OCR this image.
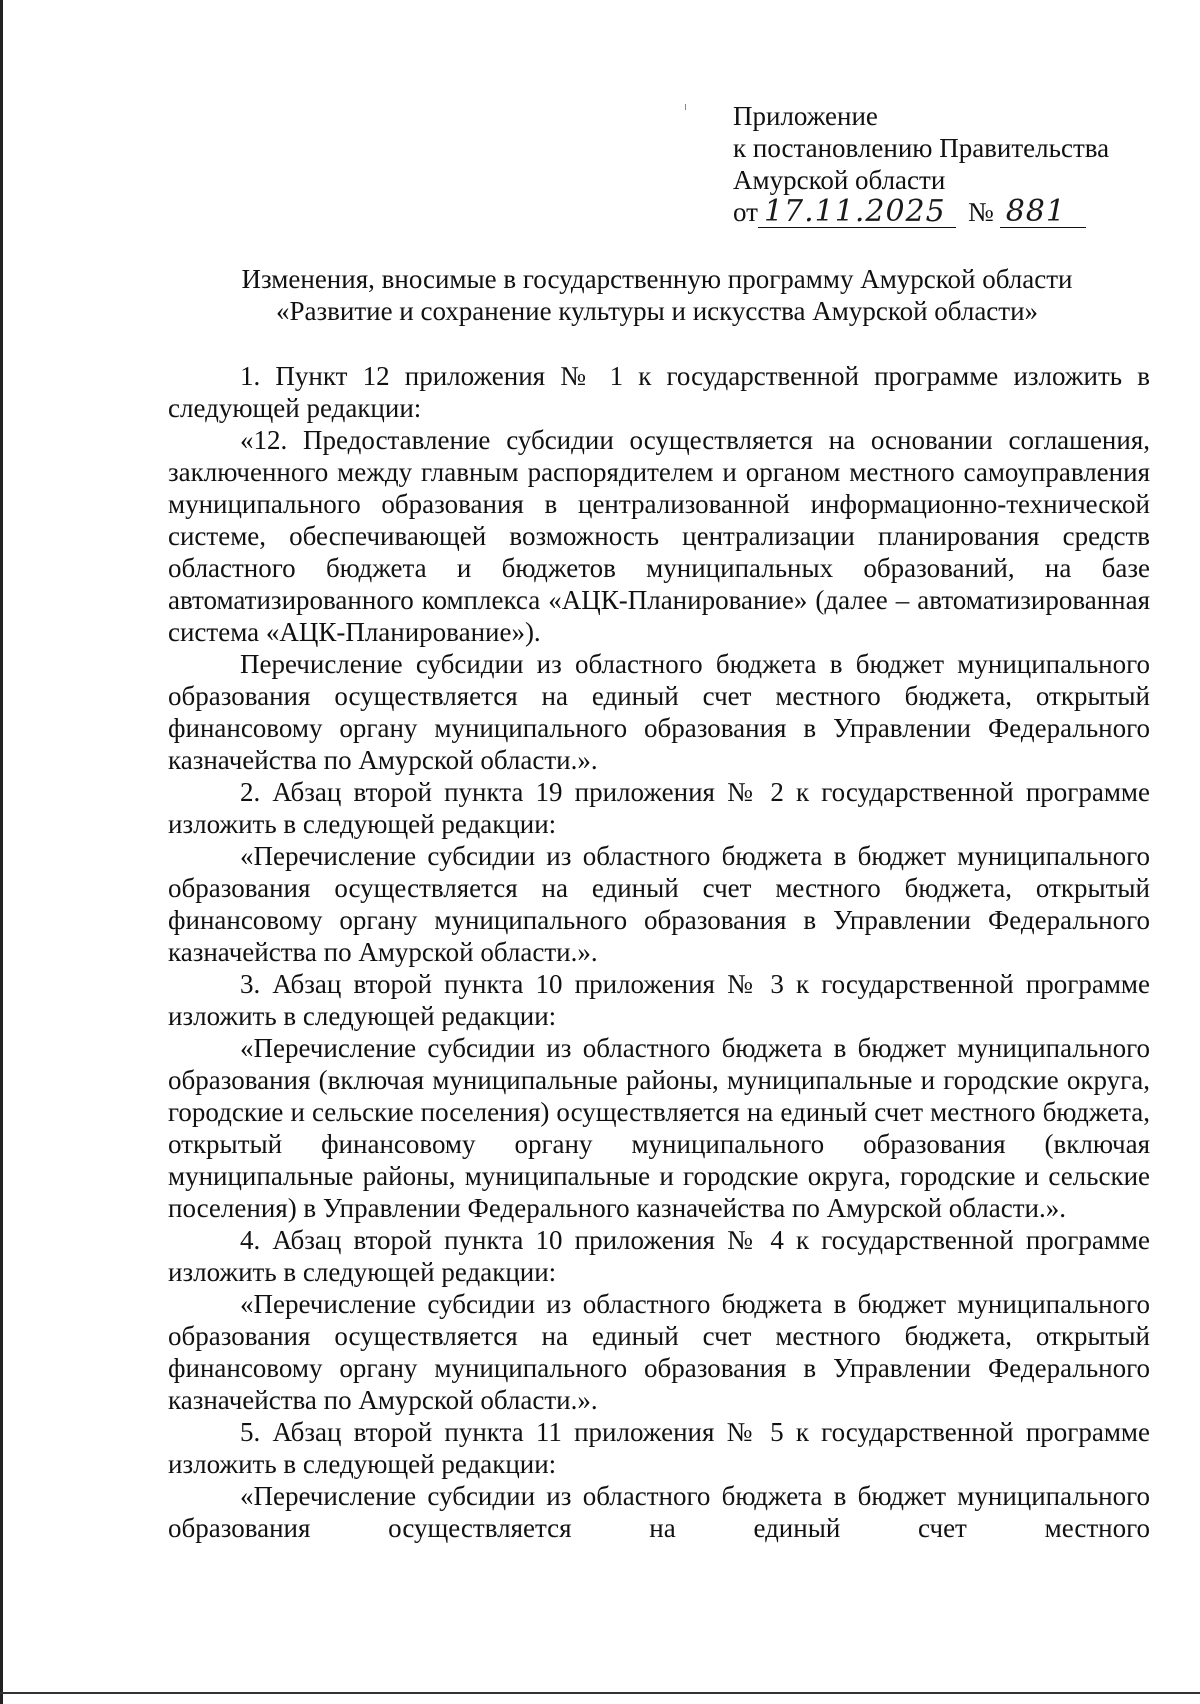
Приложение
к постановлению Правительства
Амурской области
от 17.11.2025 № 881
Изменения, вносимые в государственную программу Амурской области
«Развитие и сохранение культуры и искусства Амурской области»

1. Пункт 12 приложения № 1 к государственной программе изложить в следующей редакции:

«12. Предоставление субсидии осуществляется на основании соглашения, заключенного между главным распорядителем и органом местного самоуправления муниципального образования в централизованной информационно-технической системе, обеспечивающей возможность централизации планирования средств областного бюджета и бюджетов муниципальных образований, на базе автоматизированного комплекса «АЦК-Планирование» (далее – автоматизированная система «АЦК-Планирование»).

Перечисление субсидии из областного бюджета в бюджет муниципального образования осуществляется на единый счет местного бюджета, открытый финансовому органу муниципального образования в Управлении Федерального казначейства по Амурской области.».

2. Абзац второй пункта 19 приложения № 2 к государственной программе изложить в следующей редакции:

«Перечисление субсидии из областного бюджета в бюджет муниципального образования осуществляется на единый счет местного бюджета, открытый финансовому органу муниципального образования в Управлении Федерального казначейства по Амурской области.».

3. Абзац второй пункта 10 приложения № 3 к государственной программе изложить в следующей редакции:

«Перечисление субсидии из областного бюджета в бюджет муниципального образования (включая муниципальные районы, муниципальные и городские округа, городские и сельские поселения) осуществляется на единый счет местного бюджета, открытый финансовому органу муниципального образования (включая муниципальные районы, муниципальные и городские округа, городские и сельские поселения) в Управлении Федерального казначейства по Амурской области.».

4. Абзац второй пункта 10 приложения № 4 к государственной программе изложить в следующей редакции:

«Перечисление субсидии из областного бюджета в бюджет муниципального образования осуществляется на единый счет местного бюджета, открытый финансовому органу муниципального образования в Управлении Федерального казначейства по Амурской области.».

5. Абзац второй пункта 11 приложения № 5 к государственной программе изложить в следующей редакции:

«Перечисление субсидии из областного бюджета в бюджет муниципального образования осуществляется на единый счет местного
